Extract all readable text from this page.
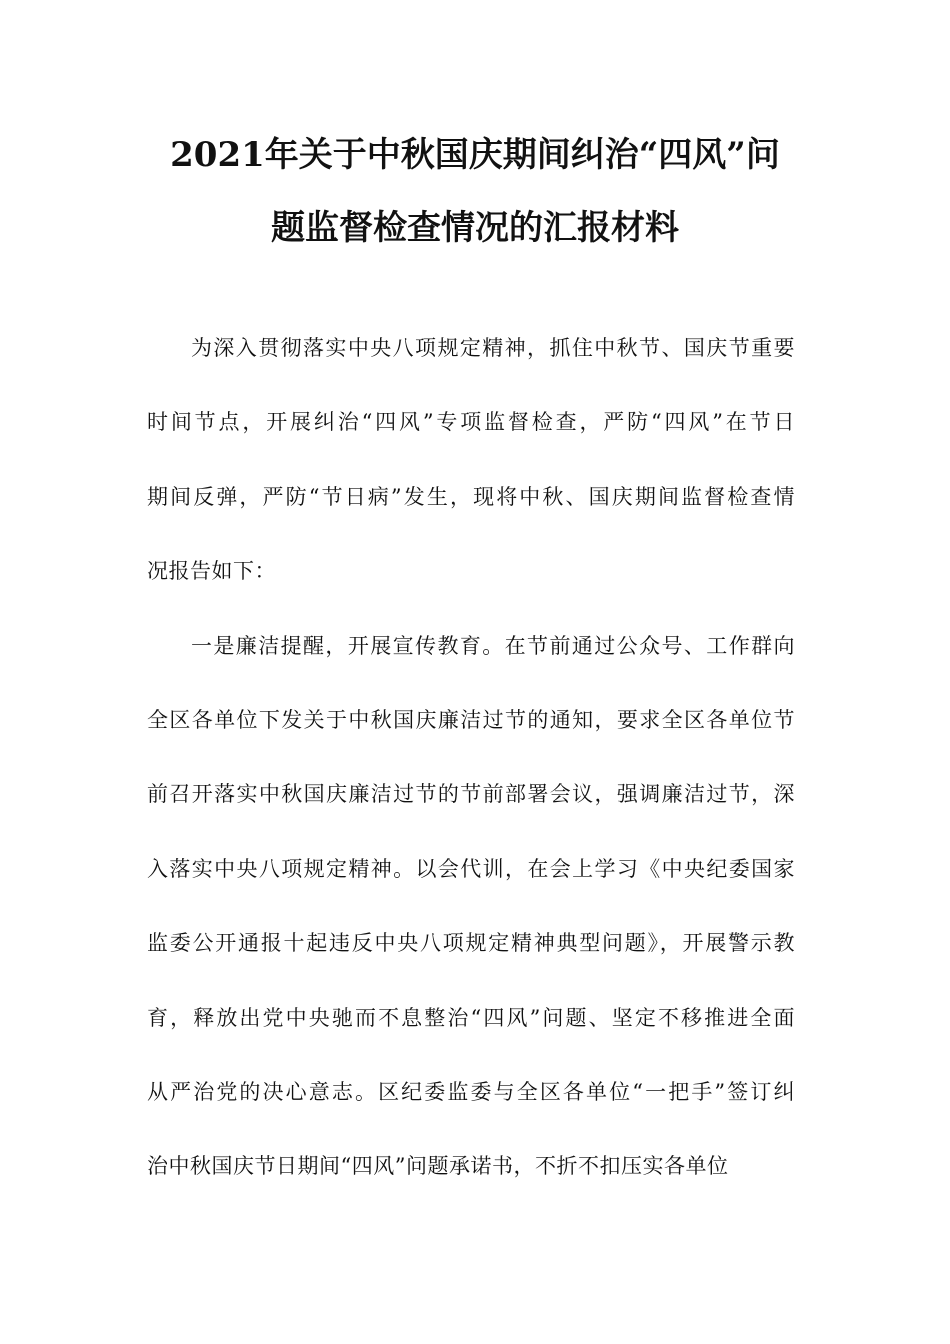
2021年关于中秋国庆期间纠治“四风”问
题监督检查情况的汇报材料
为深入贯彻落实中央八项规定精神，抓住中秋节、国庆节重要
时间节点，开展纠治“四风”专项监督检查，严防“四风”在节日
期间反弹，严防“节日病”发生，现将中秋、国庆期间监督检查情
况报告如下：
一是廉洁提醒，开展宣传教育。在节前通过公众号、工作群向
全区各单位下发关于中秋国庆廉洁过节的通知，要求全区各单位节
前召开落实中秋国庆廉洁过节的节前部署会议，强调廉洁过节，深
入落实中央八项规定精神。以会代训，在会上学习《中央纪委国家
监委公开通报十起违反中央八项规定精神典型问题》，开展警示教
育，释放出党中央驰而不息整治“四风”问题、坚定不移推进全面
从严治党的决心意志。区纪委监委与全区各单位“一把手”签订纠
治中秋国庆节日期间“四风”问题承诺书，不折不扣压实各单位
